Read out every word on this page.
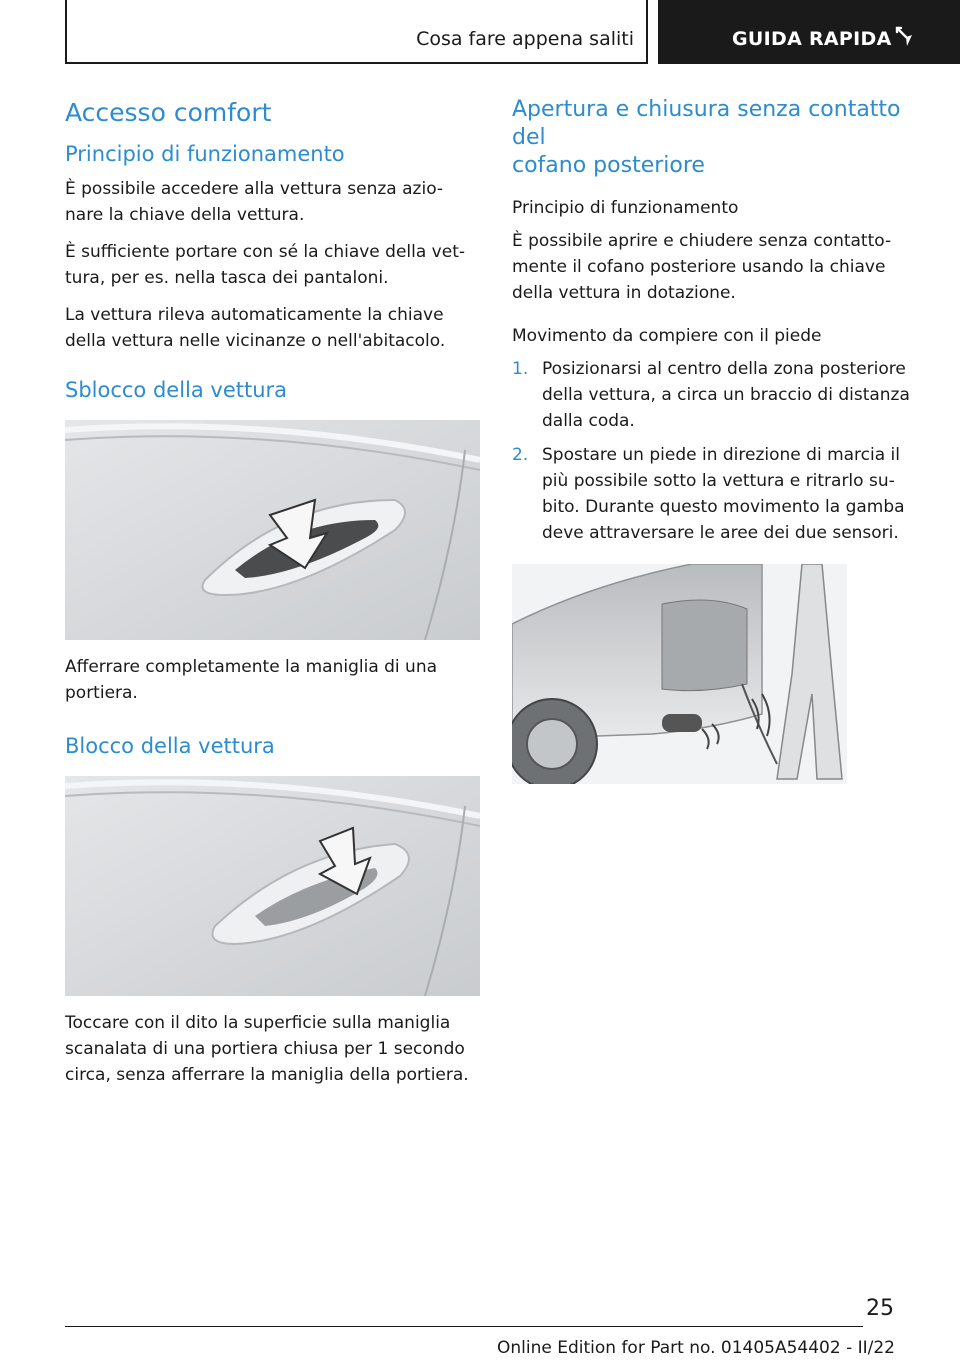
Cosa fare appena saliti	GUIDA RAPIDA
Accesso comfort
Principio di funzionamento

È possibile accedere alla vettura senza azio-
nare la chiave della vettura.

È sufficiente portare con sé la chiave della vet-
tura, per es. nella tasca dei pantaloni.

La vettura rileva automaticamente la chiave
della vettura nelle vicinanze o nell'abitacolo.

Sblocco della vettura

Afferrare completamente la maniglia di una
portiera.

Blocco della vettura

Toccare con il dito la superficie sulla maniglia
scanalata di una portiera chiusa per 1 secondo
circa, senza afferrare la maniglia della portiera.

Apertura e chiusura senza contatto del
cofano posteriore
Principio di funzionamento

È possibile aprire e chiudere senza contatto-
mente il cofano posteriore usando la chiave
della vettura in dotazione.

Movimento da compiere con il piede
1. Posizionarsi al centro della zona posteriore
della vettura, a circa un braccio di distanza
dalla coda.
2. Spostare un piede in direzione di marcia il
più possibile sotto la vettura e ritrarlo su-
bito. Durante questo movimento la gamba
deve attraversare le aree dei due sensori.
25
Online Edition for Part no. 01405A54402 - II/22
